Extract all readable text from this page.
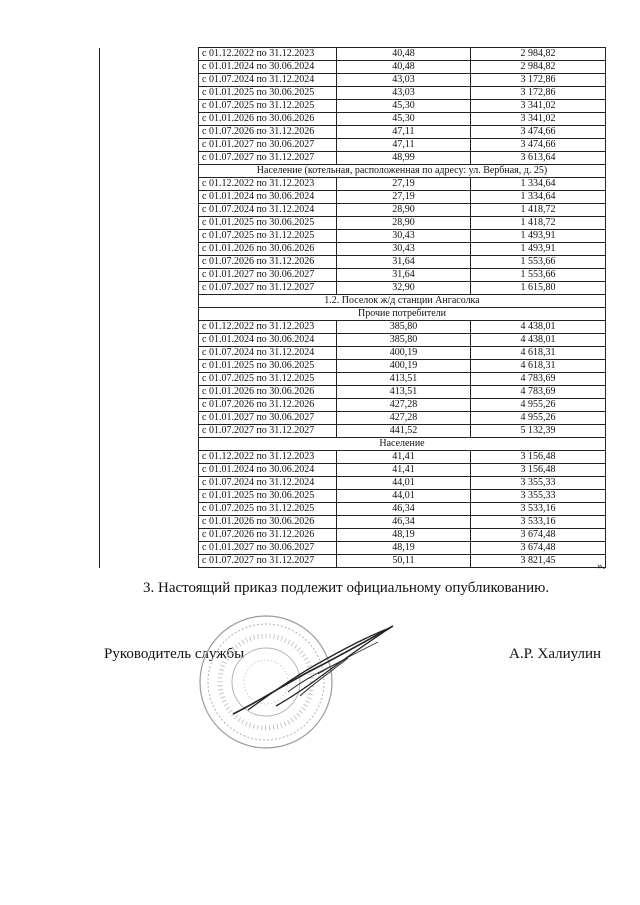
	с 01.12.2022 по 31.12.2023	40,48	2 984,82
	с 01.01.2024 по 30.06.2024	40,48	2 984,82
	с 01.07.2024 по 31.12.2024	43,03	3 172,86
	с 01.01.2025 по 30.06.2025	43,03	3 172,86
	с 01.07.2025 по 31.12.2025	45,30	3 341,02
	с 01.01.2026 по 30.06.2026	45,30	3 341,02
	с 01.07.2026 по 31.12.2026	47,11	3 474,66
	с 01.01.2027 по 30.06.2027	47,11	3 474,66
	с 01.07.2027 по 31.12.2027	48,99	3 613,64
	Население (котельная, расположенная по адресу: ул. Вербная, д. 25)		
	с 01.12.2022 по 31.12.2023	27,19	1 334,64
	с 01.01.2024 по 30.06.2024	27,19	1 334,64
	с 01.07.2024 по 31.12.2024	28,90	1 418,72
	с 01.01.2025 по 30.06.2025	28,90	1 418,72
	с 01.07.2025 по 31.12.2025	30,43	1 493,91
	с 01.01.2026 по 30.06.2026	30,43	1 493,91
	с 01.07.2026 по 31.12.2026	31,64	1 553,66
	с 01.01.2027 по 30.06.2027	31,64	1 553,66
	с 01.07.2027 по 31.12.2027	32,90	1 615,80
	1.2. Поселок ж/д станции Ангасолка		
	Прочие потребители		
	с 01.12.2022 по 31.12.2023	385,80	4 438,01
	с 01.01.2024 по 30.06.2024	385,80	4 438,01
	с 01.07.2024 по 31.12.2024	400,19	4 618,31
	с 01.01.2025 по 30.06.2025	400,19	4 618,31
	с 01.07.2025 по 31.12.2025	413,51	4 783,69
	с 01.01.2026 по 30.06.2026	413,51	4 783,69
	с 01.07.2026 по 31.12.2026	427,28	4 955,26
	с 01.01.2027 по 30.06.2027	427,28	4 955,26
	с 01.07.2027 по 31.12.2027	441,52	5 132,39
	Население		
	с 01.12.2022 по 31.12.2023	41,41	3 156,48
	с 01.01.2024 по 30.06.2024	41,41	3 156,48
	с 01.07.2024 по 31.12.2024	44,01	3 355,33
	с 01.01.2025 по 30.06.2025	44,01	3 355,33
	с 01.07.2025 по 31.12.2025	46,34	3 533,16
	с 01.01.2026 по 30.06.2026	46,34	3 533,16
	с 01.07.2026 по 31.12.2026	48,19	3 674,48
	с 01.01.2027 по 30.06.2027	48,19	3 674,48
	с 01.07.2027 по 31.12.2027	50,11	3 821,45	».
3. Настоящий приказ подлежит официальному опубликованию.
Руководитель службы	А.Р. Халиулин
